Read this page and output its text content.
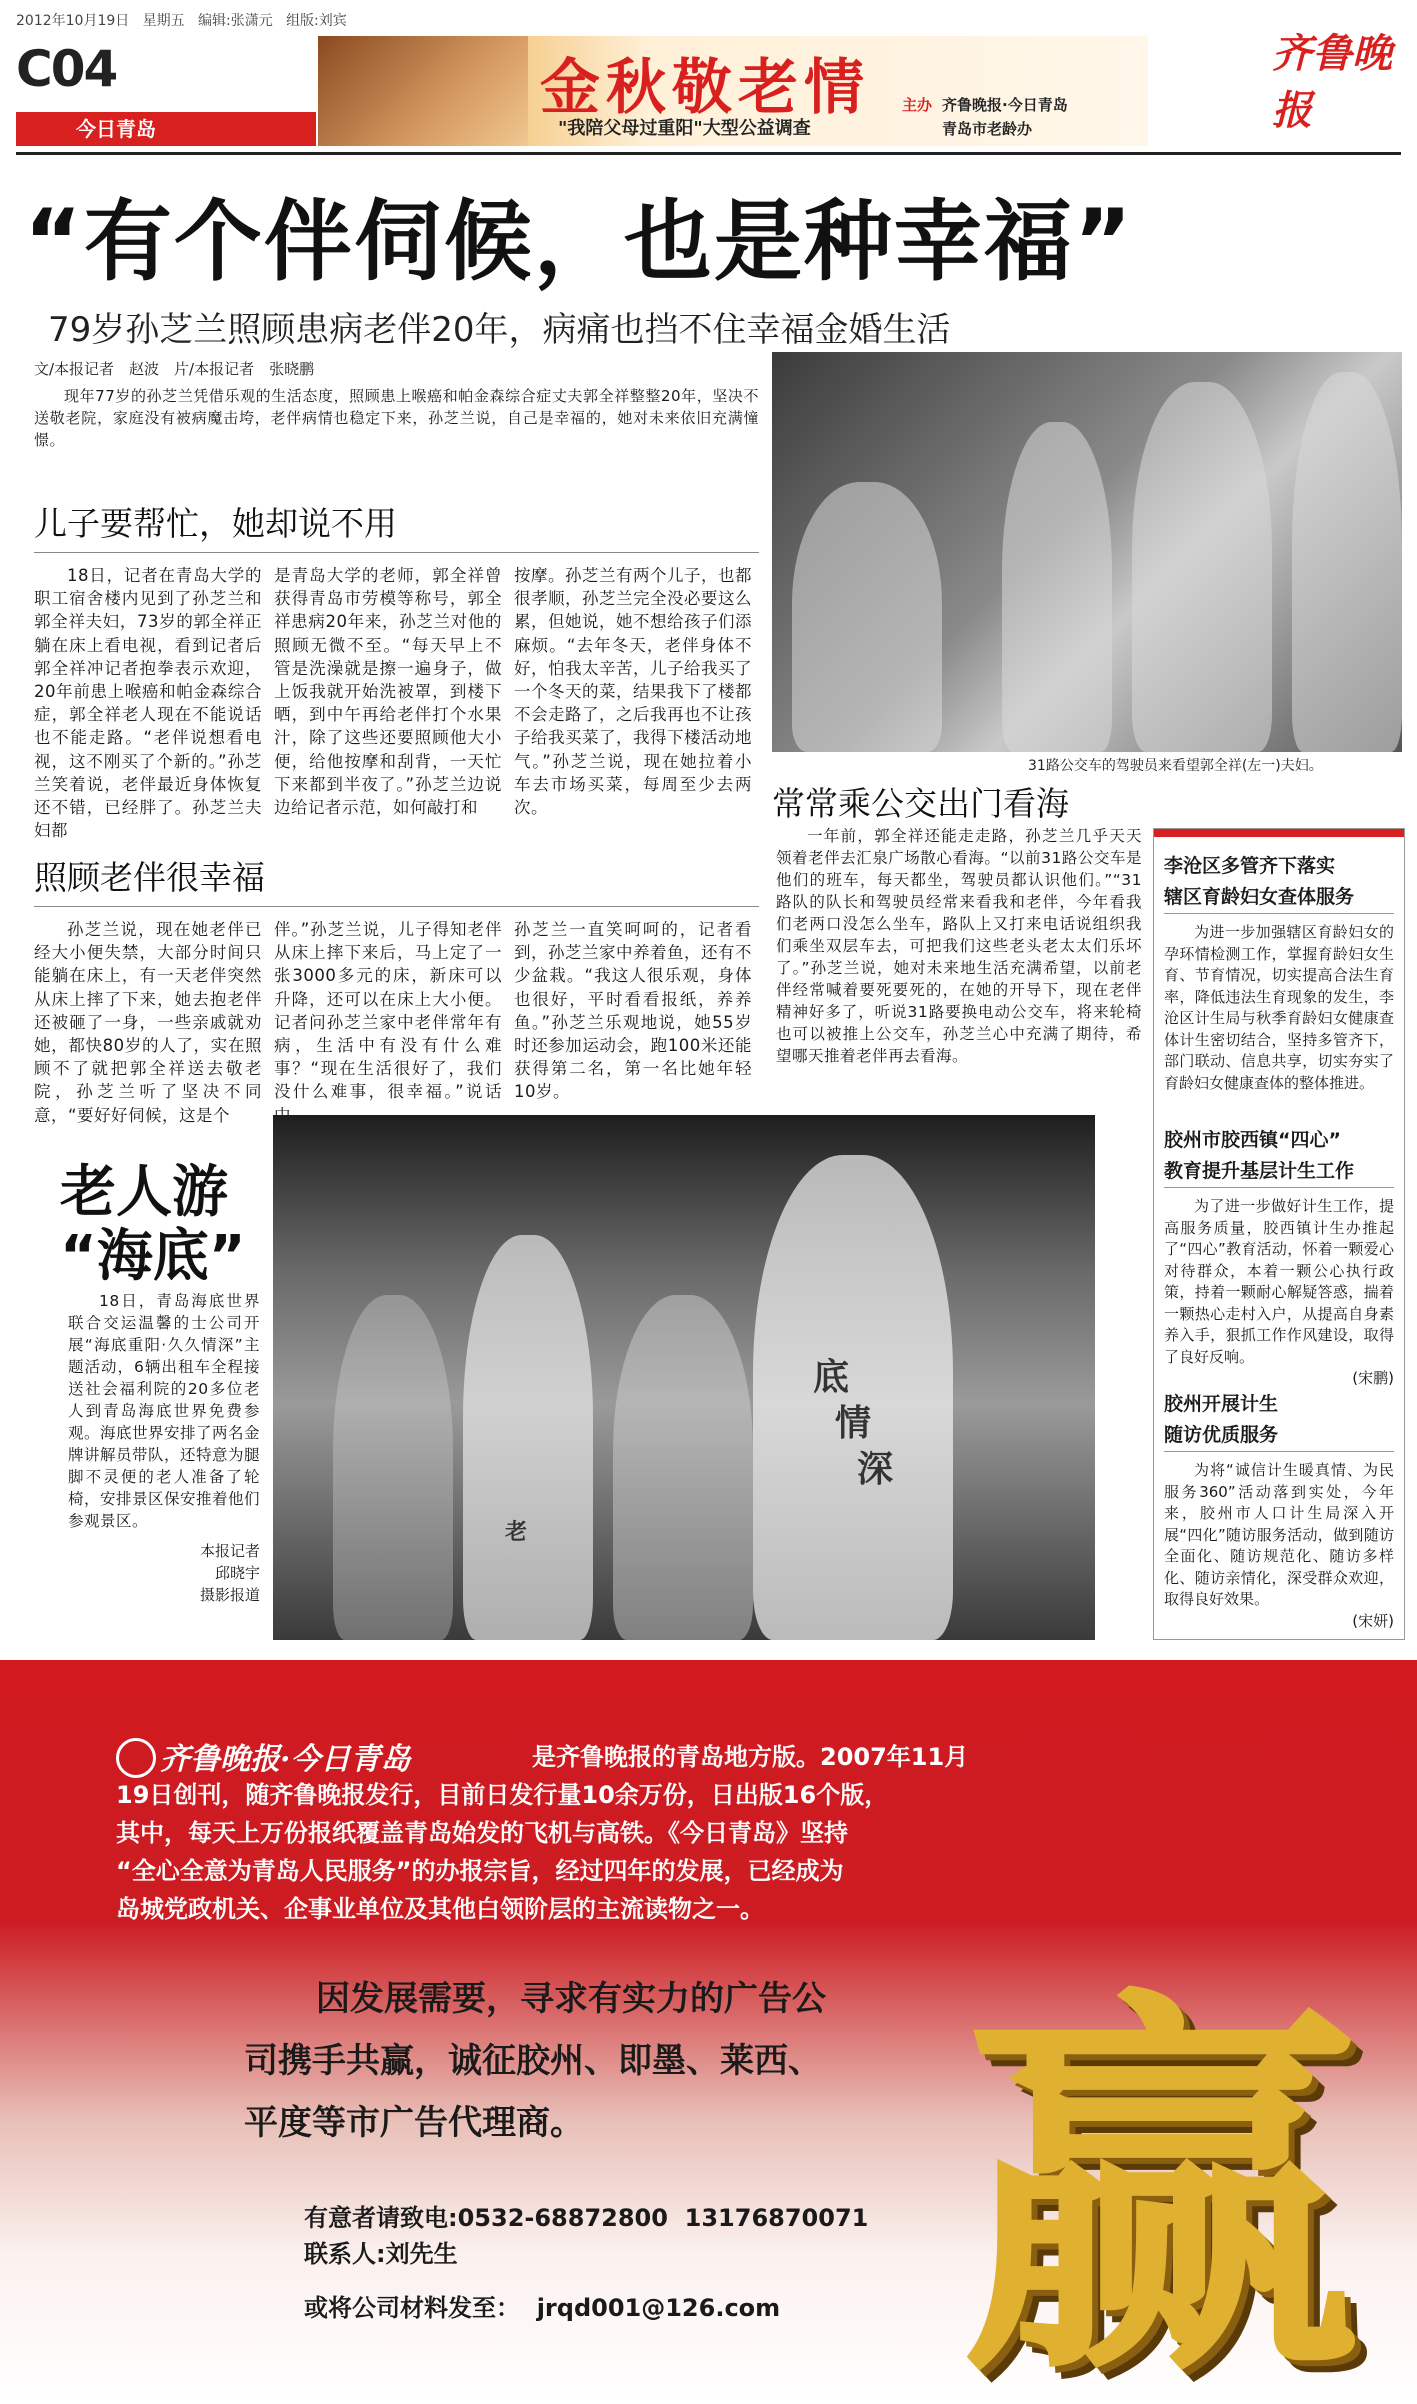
2012年10月19日 星期五 编辑:张潇元 组版:刘宾
C04
今日青岛
金秋敬老情
"我陪父母过重阳"大型公益调查
主办 齐鲁晚报·今日青岛
青岛市老龄办
齐鲁晚报
“有个伴伺候，也是种幸福”
79岁孙芝兰照顾患病老伴20年，病痛也挡不住幸福金婚生活
文/本报记者　赵波　片/本报记者　张晓鹏

现年77岁的孙芝兰凭借乐观的生活态度，照顾患上喉癌和帕金森综合症丈夫郭全祥整整20年，坚决不送敬老院，家庭没有被病魔击垮，老伴病情也稳定下来，孙芝兰说，自己是幸福的，她对未来依旧充满憧憬。

31路公交车的驾驶员来看望郭全祥(左一)夫妇。
儿子要帮忙，她却说不用

18日，记者在青岛大学的职工宿舍楼内见到了孙芝兰和郭全祥夫妇，73岁的郭全祥正躺在床上看电视，看到记者后郭全祥冲记者抱拳表示欢迎，20年前患上喉癌和帕金森综合症，郭全祥老人现在不能说话也不能走路。“老伴说想看电视，这不刚买了个新的。”孙芝兰笑着说，老伴最近身体恢复还不错，已经胖了。孙芝兰夫妇都

是青岛大学的老师，郭全祥曾获得青岛市劳模等称号，郭全祥患病20年来，孙芝兰对他的照顾无微不至。“每天早上不管是洗澡就是擦一遍身子，做上饭我就开始洗被罩，到楼下晒，到中午再给老伴打个水果汁，除了这些还要照顾他大小便，给他按摩和刮背，一天忙下来都到半夜了。”孙芝兰边说边给记者示范，如何敲打和

按摩。孙芝兰有两个儿子，也都很孝顺，孙芝兰完全没必要这么累，但她说，她不想给孩子们添麻烦。“去年冬天，老伴身体不好，怕我太辛苦，儿子给我买了一个冬天的菜，结果我下了楼都不会走路了，之后我再也不让孩子给我买菜了，我得下楼活动地气。”孙芝兰说，现在她拉着小车去市场买菜，每周至少去两次。

照顾老伴很幸福

孙芝兰说，现在她老伴已经大小便失禁，大部分时间只能躺在床上，有一天老伴突然从床上摔了下来，她去抱老伴还被砸了一身，一些亲戚就劝她，都快80岁的人了，实在照顾不了就把郭全祥送去敬老院，孙芝兰听了坚决不同意，“要好好伺候，这是个

伴。”孙芝兰说，儿子得知老伴从床上摔下来后，马上定了一张3000多元的床，新床可以升降，还可以在床上大小便。记者问孙芝兰家中老伴常年有病，生活中有没有什么难事？“现在生活很好了，我们没什么难事，很幸福。”说话

孙芝兰一直笑呵呵的，记者看到，孙芝兰家中养着鱼，还有不少盆栽。“我这人很乐观，身体也很好，平时看看报纸，养养鱼。”孙芝兰乐观地说，她55岁时还参加运动会，跑100米还能获得第二名，第一名比她年轻10岁。

常常乘公交出门看海

一年前，郭全祥还能走走路，孙芝兰几乎天天领着老伴去汇泉广场散心看海。“以前31路公交车是他们的班车，每天都坐，驾驶员都认识他们。”“31路队的队长和驾驶员经常来看我和老伴，今年看我们老两口没怎么坐车，路队上又打来电话说组织我们乘坐双层车去，可把我们这些老头老太太们乐坏了。”孙芝兰说，她对未来地生活充满希望，以前老伴经常喊着要死要死的，在她的开导下，现在老伴精神好多了，听说31路要换电动公交车，将来轮椅也可以被推上公交车，孙芝兰心中充满了期待，希望哪天推着老伴再去看海。

李沧区多管齐下落实
辖区育龄妇女查体服务

为进一步加强辖区育龄妇女的孕环情检测工作，掌握育龄妇女生育、节育情况，切实提高合法生育率，降低违法生育现象的发生，李沧区计生局与秋季育龄妇女健康查体计生密切结合，坚持多管齐下，部门联动、信息共享，切实夯实了育龄妇女健康查体的整体推进。

胶州市胶西镇“四心”
教育提升基层计生工作

为了进一步做好计生工作，提高服务质量，胶西镇计生办推起了“四心”教育活动，怀着一颗爱心对待群众，本着一颗公心执行政策，持着一颗耐心解疑答惑，揣着一颗热心走村入户，从提高自身素养入手，狠抓工作作风建设，取得了良好反响。

(宋鹏)
胶州开展计生
随访优质服务

为将“诚信计生暖真情、为民服务360”活动落到实处，今年来，胶州市人口计生局深入开展“四化”随访服务活动，做到随访全面化、随访规范化、随访多样化、随访亲情化，深受群众欢迎，取得良好效果。

(宋妍)
老人游
“海底”

18日，青岛海底世界联合交运温馨的士公司开展“海底重阳·久久情深”主题活动，6辆出租车全程接送社会福利院的20多位老人到青岛海底世界免费参观。海底世界安排了两名金牌讲解员带队，还特意为腿脚不灵便的老人准备了轮椅，安排景区保安推着他们参观景区。

本报记者
邱晓宇
摄影报道
老
底
情
深
齐鲁晚报·今日青岛	是齐鲁晚报的青岛地方版。2007年11月
19日创刊，随齐鲁晚报发行，目前日发行量10余万份，日出版16个版，
其中，每天上万份报纸覆盖青岛始发的飞机与高铁。《今日青岛》坚持
“全心全意为青岛人民服务”的办报宗旨，经过四年的发展，已经成为
岛城党政机关、企事业单位及其他白领阶层的主流读物之一。
因发展需要，寻求有实力的广告公
司携手共赢，诚征胶州、即墨、莱西、
平度等市广告代理商。
有意者请致电:0532-68872800  13176870071
联系人:刘先生
或将公司材料发至：  jrqd001@126.com 赢
